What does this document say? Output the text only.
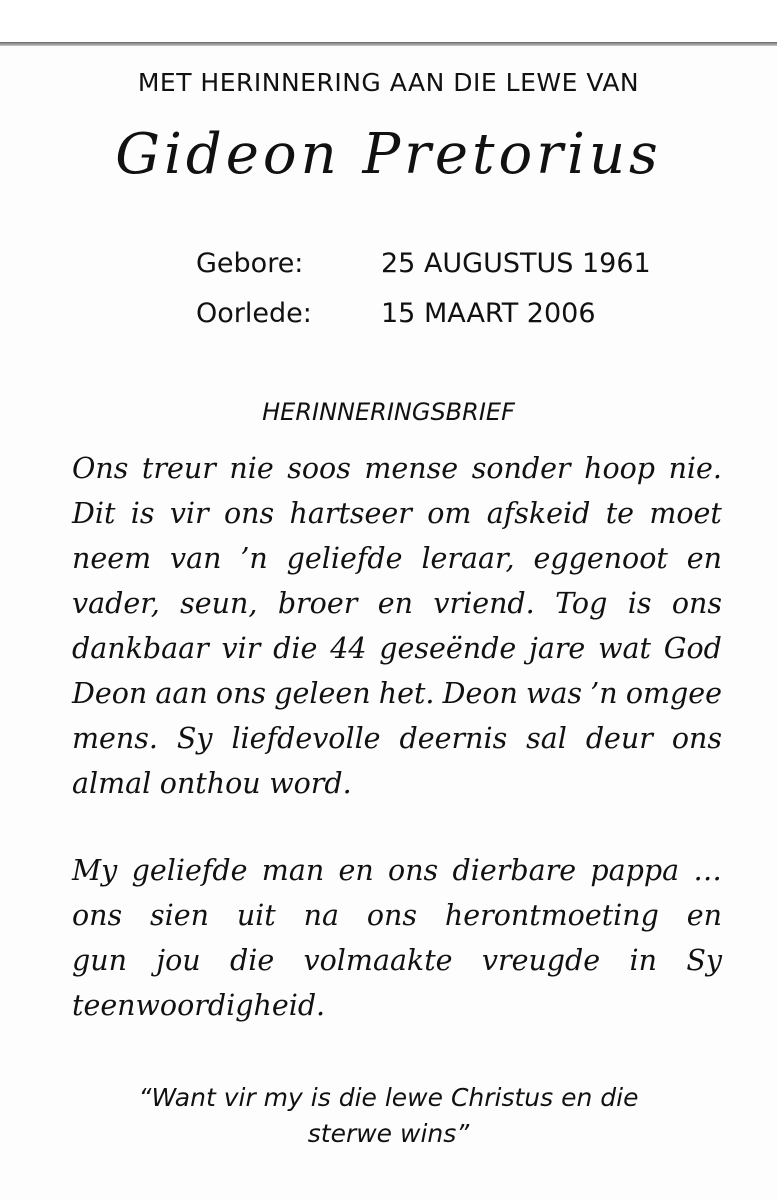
MET HERINNERING AAN DIE LEWE VAN
Gideon Pretorius
Gebore:	25 AUGUSTUS 1961
Oorlede:	15 MAART 2006
HERINNERINGSBRIEF
Ons treur nie soos mense sonder hoop nie.
Dit is vir ons hartseer om afskeid te moet
neem van ’n geliefde leraar, eggenoot en
vader, seun, broer en vriend. Tog is ons
dankbaar vir die 44 geseënde jare wat God
Deon aan ons geleen het. Deon was ’n omgee
mens. Sy liefdevolle deernis sal deur ons
almal onthou word.
My geliefde man en ons dierbare pappa …
ons sien uit na ons herontmoeting en
gun jou die volmaakte vreugde in Sy
teenwoordigheid.
“Want vir my is die lewe Christus en die
sterwe wins”
